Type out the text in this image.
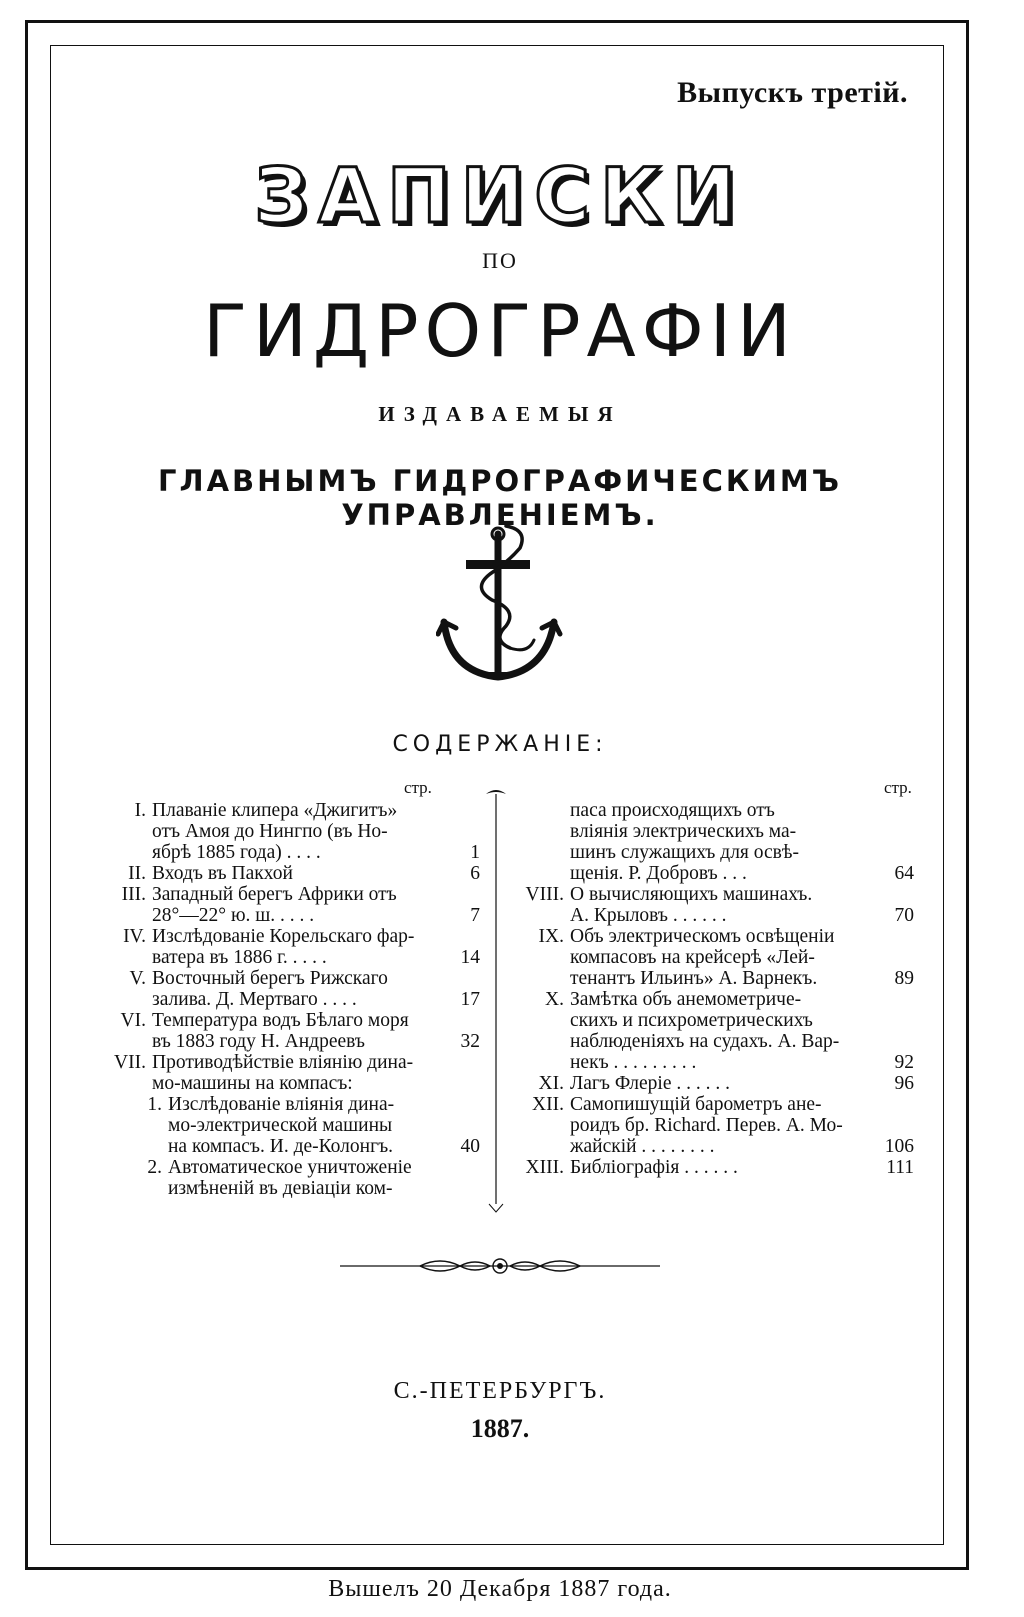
Выпускъ третій.
ЗАПИСКИ
ПО
ГИДРОГРАФІИ
ИЗДАВАЕМЫЯ
ГЛАВНЫМЪ ГИДРОГРАФИЧЕСКИМЪ УПРАВЛЕНІЕМЪ.
СОДЕРЖАНІЕ:
стр.	стр.
I. Плаваніе клипера «Джигитъ»
отъ Амоя до Нингпо (въ Но-
ябрѣ 1885 года) . . . .	1
II. Входъ въ Пакхой	6
III. Западный берегъ Африки отъ
28°—22° ю. ш. . . . .	7
IV. Изслѣдованіе Корельскаго фар-
ватера въ 1886 г. . . . .	14
V. Восточный берегъ Рижскаго
залива. Д. Мертваго . . . .	17
VI. Температура водъ Бѣлаго моря
въ 1883 году Н. Андреевъ	32
VII. Противодѣйствіе вліянію дина-
мо-машины на компасъ:
1. Изслѣдованіе вліянія дина-
мо-электрической машины
на компасъ. И. де-Колонгъ.	40
2. Автоматическое уничтоженіе
измѣненій въ девіаціи ком-
паса происходящихъ отъ
вліянія электрическихъ ма-
шинъ служащихъ для освѣ-
щенія. Р. Добровъ . . .	64
VIII. О вычисляющихъ машинахъ.
А. Крыловъ . . . . . .	70
IX. Объ электрическомъ освѣщеніи
компасовъ на крейсерѣ «Лей-
тенантъ Ильинъ» А. Варнекъ.	89
X. Замѣтка объ анемометриче-
скихъ и психрометрическихъ
наблюденіяхъ на судахъ. А. Вар-
некъ . . . . . . . . .	92
XI. Лагъ Флеріе . . . . . .	96
XII. Самопишущій барометръ ане-
роидъ бр. Richard. Перев. А. Мо-
жайскій . . . . . . . .	106
XIII. Библіографія . . . . . .	111
С.-ПЕТЕРБУРГЪ.
1887.
Вышелъ 20 Декабря 1887 года.
